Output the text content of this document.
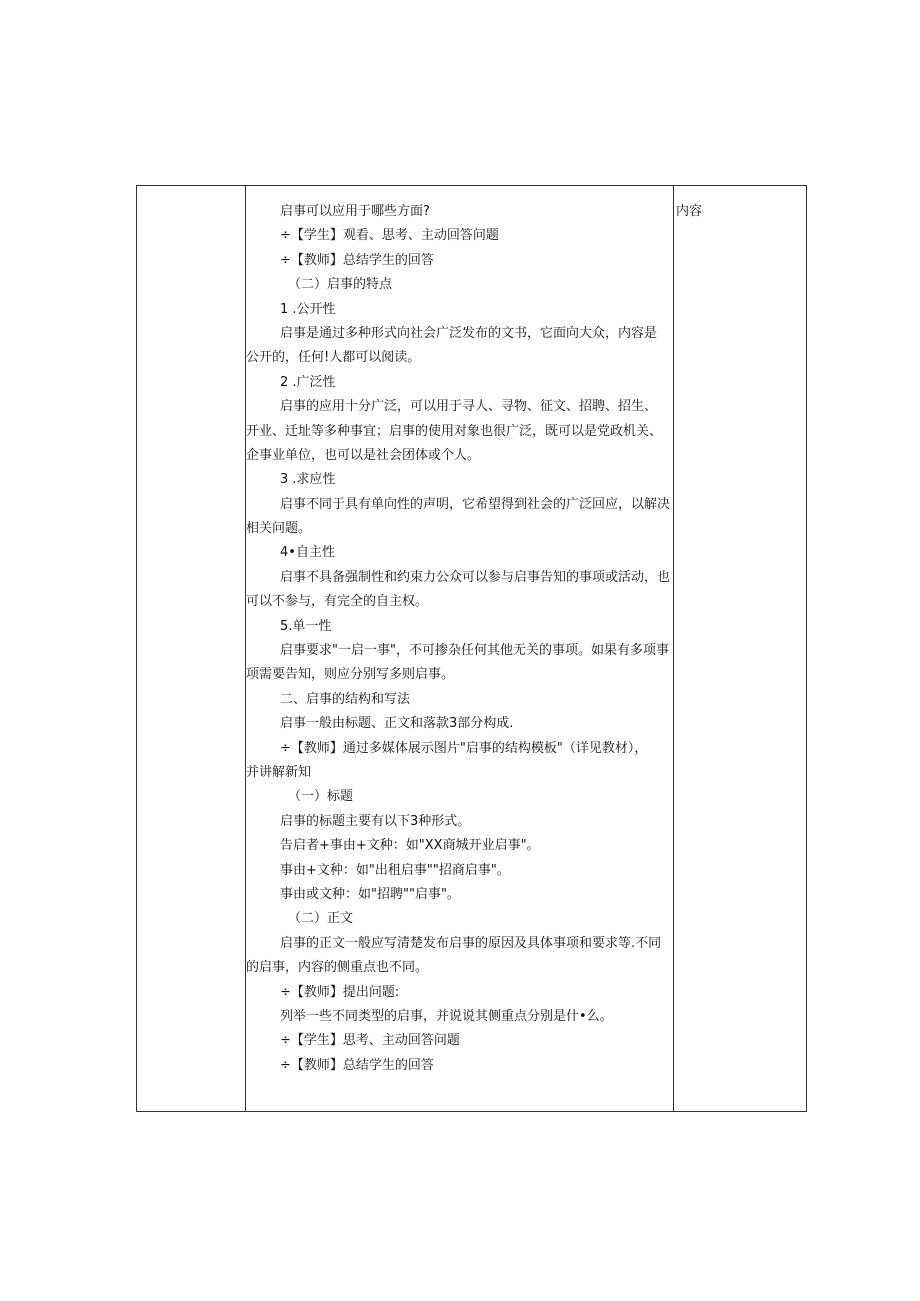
启事可以应用于哪些方面?
÷【学生】观看、思考、主动回答问题
÷【教师】总结学生的回答
（二）启事的特点
1 .公开性
启事是通过多种形式向社会广泛发布的文书，它面向大众，内容是
公开的，任何!人都可以阅读。
2 .广泛性
启事的应用十分广泛，可以用于寻人、寻物、征文、招聘、招生、
开业、迁址等多种事宜；启事的使用对象也很广泛，既可以是党政机关、
企事业单位，也可以是社会团体或个人。
3 .求应性
启事不同于具有单向性的声明，它希望得到社会的广泛回应，以解决
相关问题。
4•自主性
启事不具备强制性和约束力公众可以参与启事告知的事项或活动，也
可以不参与，有完全的自主权。
5.单一性
启事要求"一启一事"，不可掺杂任何其他无关的事项。如果有多项事
项需要告知，则应分别写多则启事。
二、启事的结构和写法
启事一般由标题、正文和落款3部分构成.
÷【教师】通过多媒体展示图片"启事的结构模板"（详见教材），
并讲解新知
（一）标题
启事的标题主要有以下3种形式。
告启者+事由+文种：如"XX商城开业启事"。
事由+文种：如"出租启事""招商启事"。
事由或文种：如"招聘""启事"。
（二）正文
启事的正文一般应写清楚发布启事的原因及具体事项和要求等.不同
的启事，内容的侧重点也不同。
÷【教师】提出问题:
列举一些不同类型的启事，并说说其侧重点分别是什•么。
÷【学生】思考、主动回答问题
÷【教师】总结学生的回答
	内容
